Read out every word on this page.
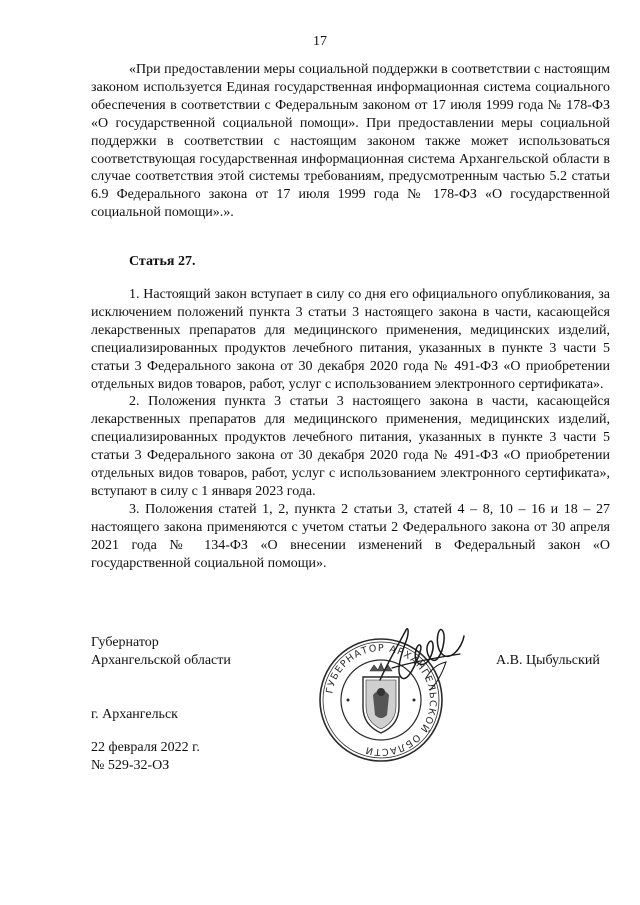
17

«При предоставлении меры социальной поддержки в соответствии с настоящим законом используется Единая государственная информационная система социального обеспечения в соответствии с Федеральным законом от 17 июля 1999 года № 178-ФЗ «О государственной социальной помощи». При предоставлении меры социальной поддержки в соответствии с настоящим законом также может использоваться соответствующая государственная информационная система Архангельской области в случае соответствия этой системы требованиям, предусмотренным частью 5.2 статьи 6.9 Федерального закона от 17 июля 1999 года № 178-ФЗ «О государственной социальной помощи».».

Статья 27.

1. Настоящий закон вступает в силу со дня его официального опубликования, за исключением положений пункта 3 статьи 3 настоящего закона в части, касающейся лекарственных препаратов для медицинского применения, медицинских изделий, специализированных продуктов лечебного питания, указанных в пункте 3 части 5 статьи 3 Федерального закона от 30 декабря 2020 года № 491-ФЗ «О приобретении отдельных видов товаров, работ, услуг с использованием электронного сертификата».

2. Положения пункта 3 статьи 3 настоящего закона в части, касающейся лекарственных препаратов для медицинского применения, медицинских изделий, специализированных продуктов лечебного питания, указанных в пункте 3 части 5 статьи 3 Федерального закона от 30 декабря 2020 года № 491-ФЗ «О приобретении отдельных видов товаров, работ, услуг с использованием электронного сертификата», вступают в силу с 1 января 2023 года.

3. Положения статей 1, 2, пункта 2 статьи 3, статей 4 – 8, 10 – 16 и 18 – 27 настоящего закона применяются с учетом статьи 2 Федерального закона от 30 апреля 2021 года № 134-ФЗ «О внесении изменений в Федеральный закон «О государственной социальной помощи».

Губернатор
Архангельской области	А.В. Цыбульский
г. Архангельск
22 февраля 2022 г.
№ 529-32-ОЗ
ГУБЕРНАТОР АРХАНГЕЛЬСКОЙ ОБЛАСТИ
